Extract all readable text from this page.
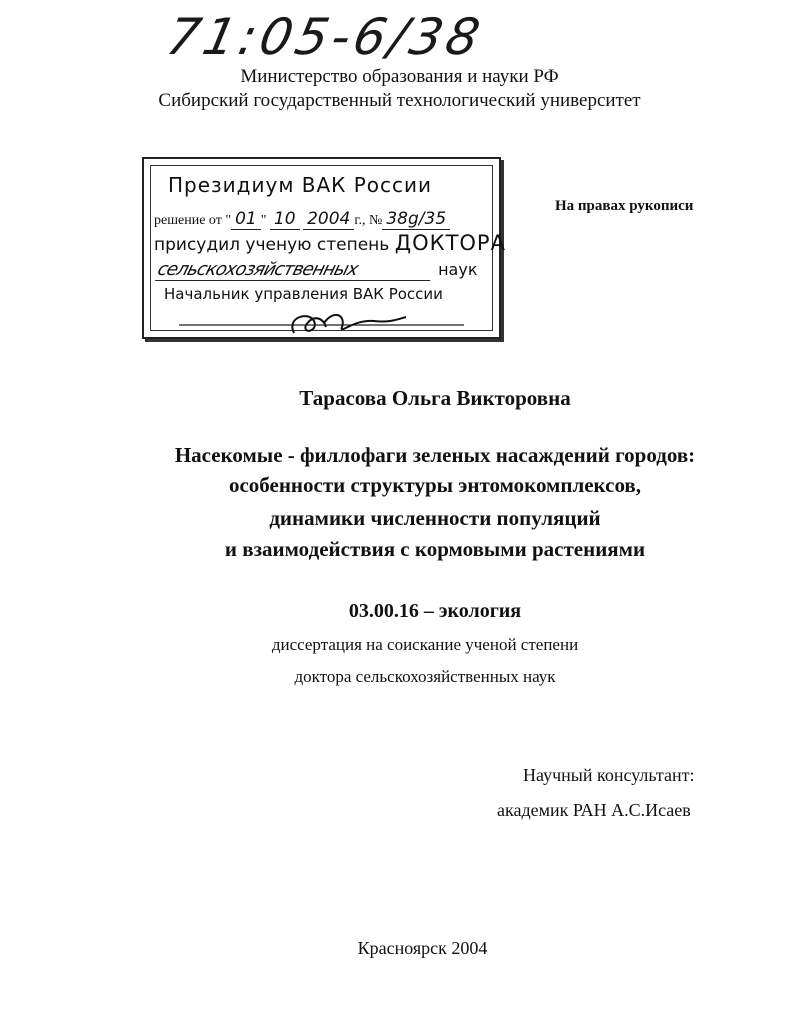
71:05-6/38
Министерство образования и науки РФ
Сибирский государственный технологический университет
Президиум ВАК России
решение от " 01 " 10 2004 г., № 38g/35
присудил ученую степень ДОКТОРА
сельскохозяйственных	наук
Начальник управления ВАК России
На правах рукописи
Тарасова Ольга Викторовна
Насекомые - филлофаги зеленых насаждений городов:
особенности структуры энтомокомплексов,
динамики численности популяций
и взаимодействия с кормовыми растениями
03.00.16 – экология
диссертация на соискание ученой степени
доктора сельскохозяйственных наук
Научный консультант:
академик РАН А.С.Исаев
Красноярск 2004
